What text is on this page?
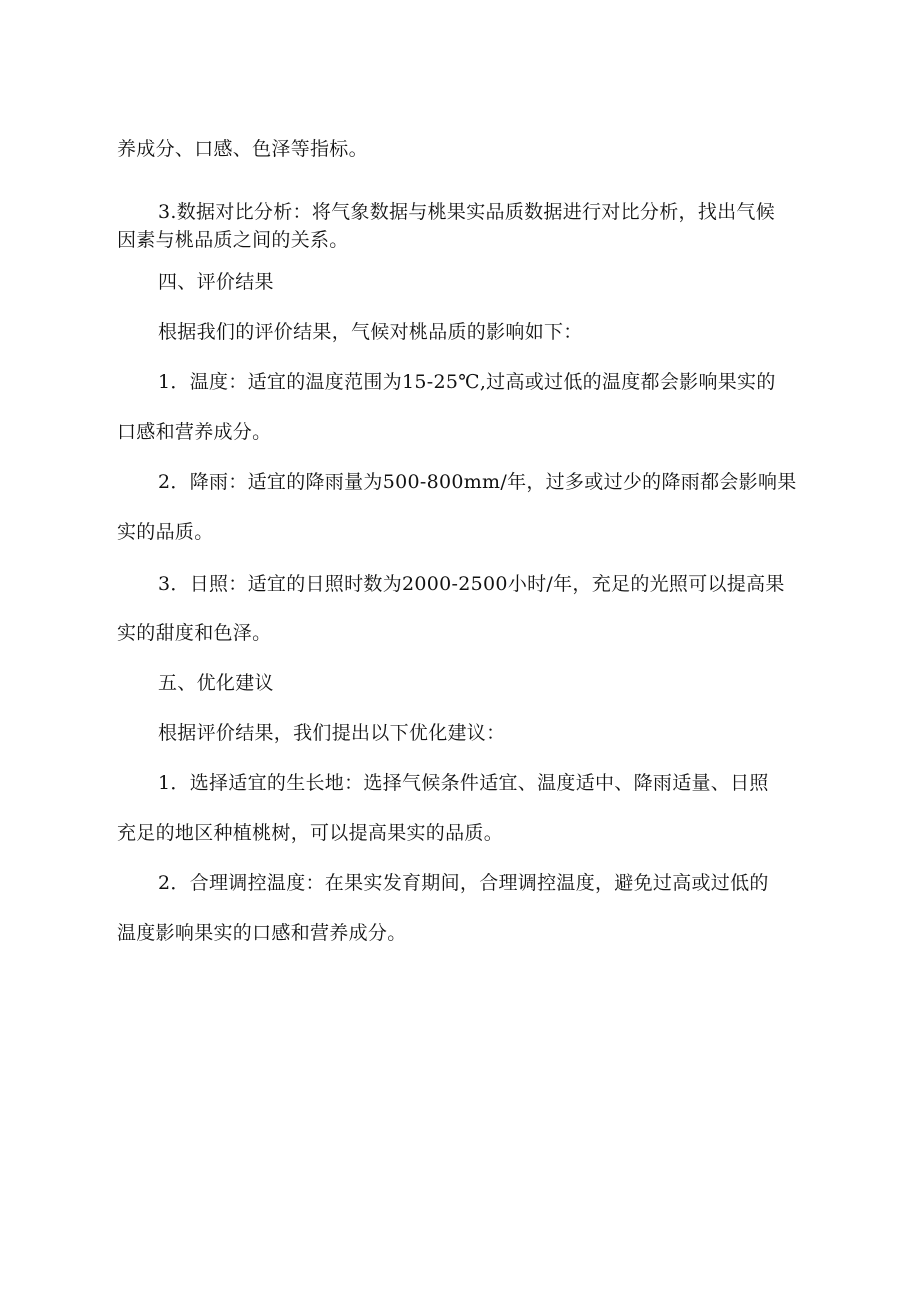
养成分、口感、色泽等指标。

3.数据对比分析：将气象数据与桃果实品质数据进行对比分析，找出气候

因素与桃品质之间的关系。

四、评价结果

根据我们的评价结果，气候对桃品质的影响如下：

1．温度：适宜的温度范围为15-25℃,过高或过低的温度都会影响果实的

口感和营养成分。

2．降雨：适宜的降雨量为500-800mm/年，过多或过少的降雨都会影响果

实的品质。

3．日照：适宜的日照时数为2000-2500小时/年，充足的光照可以提高果

实的甜度和色泽。

五、优化建议

根据评价结果，我们提出以下优化建议：

1．选择适宜的生长地：选择气候条件适宜、温度适中、降雨适量、日照

充足的地区种植桃树，可以提高果实的品质。

2．合理调控温度：在果实发育期间，合理调控温度，避免过高或过低的

温度影响果实的口感和营养成分。
